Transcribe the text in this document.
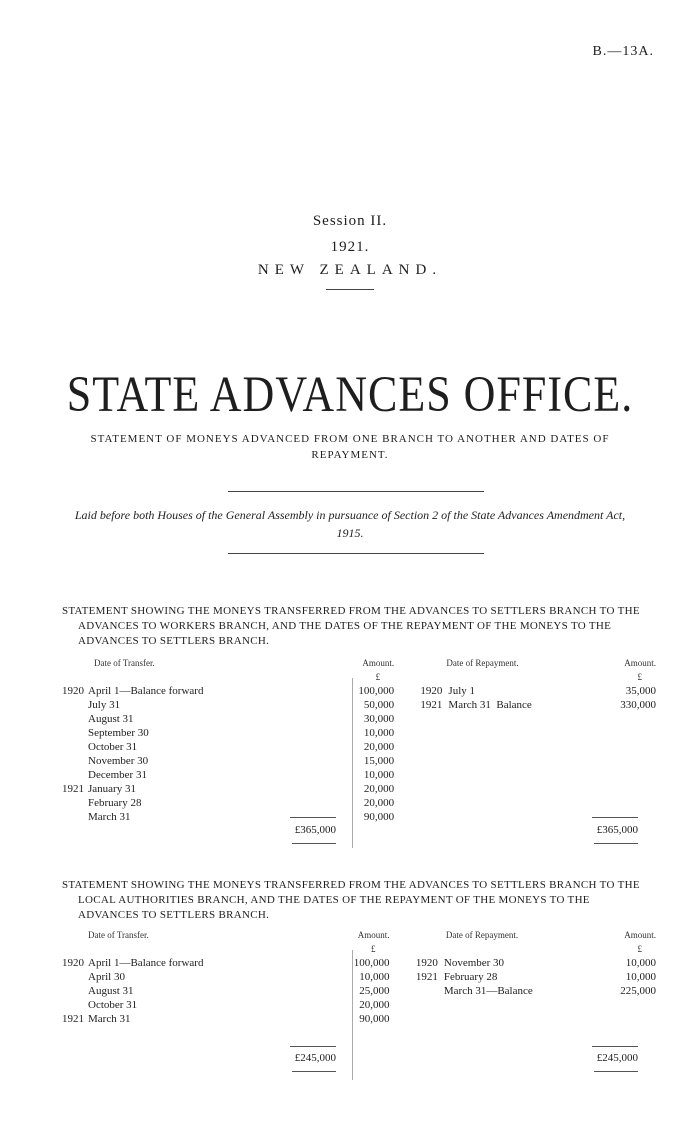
B.—13A.
Session II.
1921.
NEW ZEALAND.
STATE ADVANCES OFFICE.
STATEMENT OF MONEYS ADVANCED FROM ONE BRANCH TO ANOTHER AND DATES OF REPAYMENT.
Laid before both Houses of the General Assembly in pursuance of Section 2 of the State Advances Amendment Act, 1915.
STATEMENT SHOWING THE MONEYS TRANSFERRED FROM THE ADVANCES TO SETTLERS BRANCH TO THE ADVANCES TO WORKERS BRANCH, AND THE DATES OF THE REPAYMENT OF THE MONEYS TO THE ADVANCES TO SETTLERS BRANCH.
Date of Transfer.		Amount.		Date of Repayment.	Amount.
		£			£
1920 April 1—Balance forward		100,000		1920 July 1	35,000
July 31		50,000		1921 March 31  Balance	330,000
August 31		30,000			
September 30		10,000			
October 31		20,000			
November 30		15,000			
December 31		10,000			
1921 January 31		20,000			
February 28		20,000			
March 31		90,000			
£365,000	£365,000
STATEMENT SHOWING THE MONEYS TRANSFERRED FROM THE ADVANCES TO SETTLERS BRANCH TO THE LOCAL AUTHORITIES BRANCH, AND THE DATES OF THE REPAYMENT OF THE MONEYS TO THE ADVANCES TO SETTLERS BRANCH.
Date of Transfer.		Amount.		Date of Repayment.	Amount.
		£			£
1920 April 1—Balance forward		100,000		1920 November 30	10,000
April 30		10,000		1921 February 28	10,000
August 31		25,000		March 31—Balance	225,000
October 31		20,000			
1921 March 31		90,000			
£245,000	£245,000
